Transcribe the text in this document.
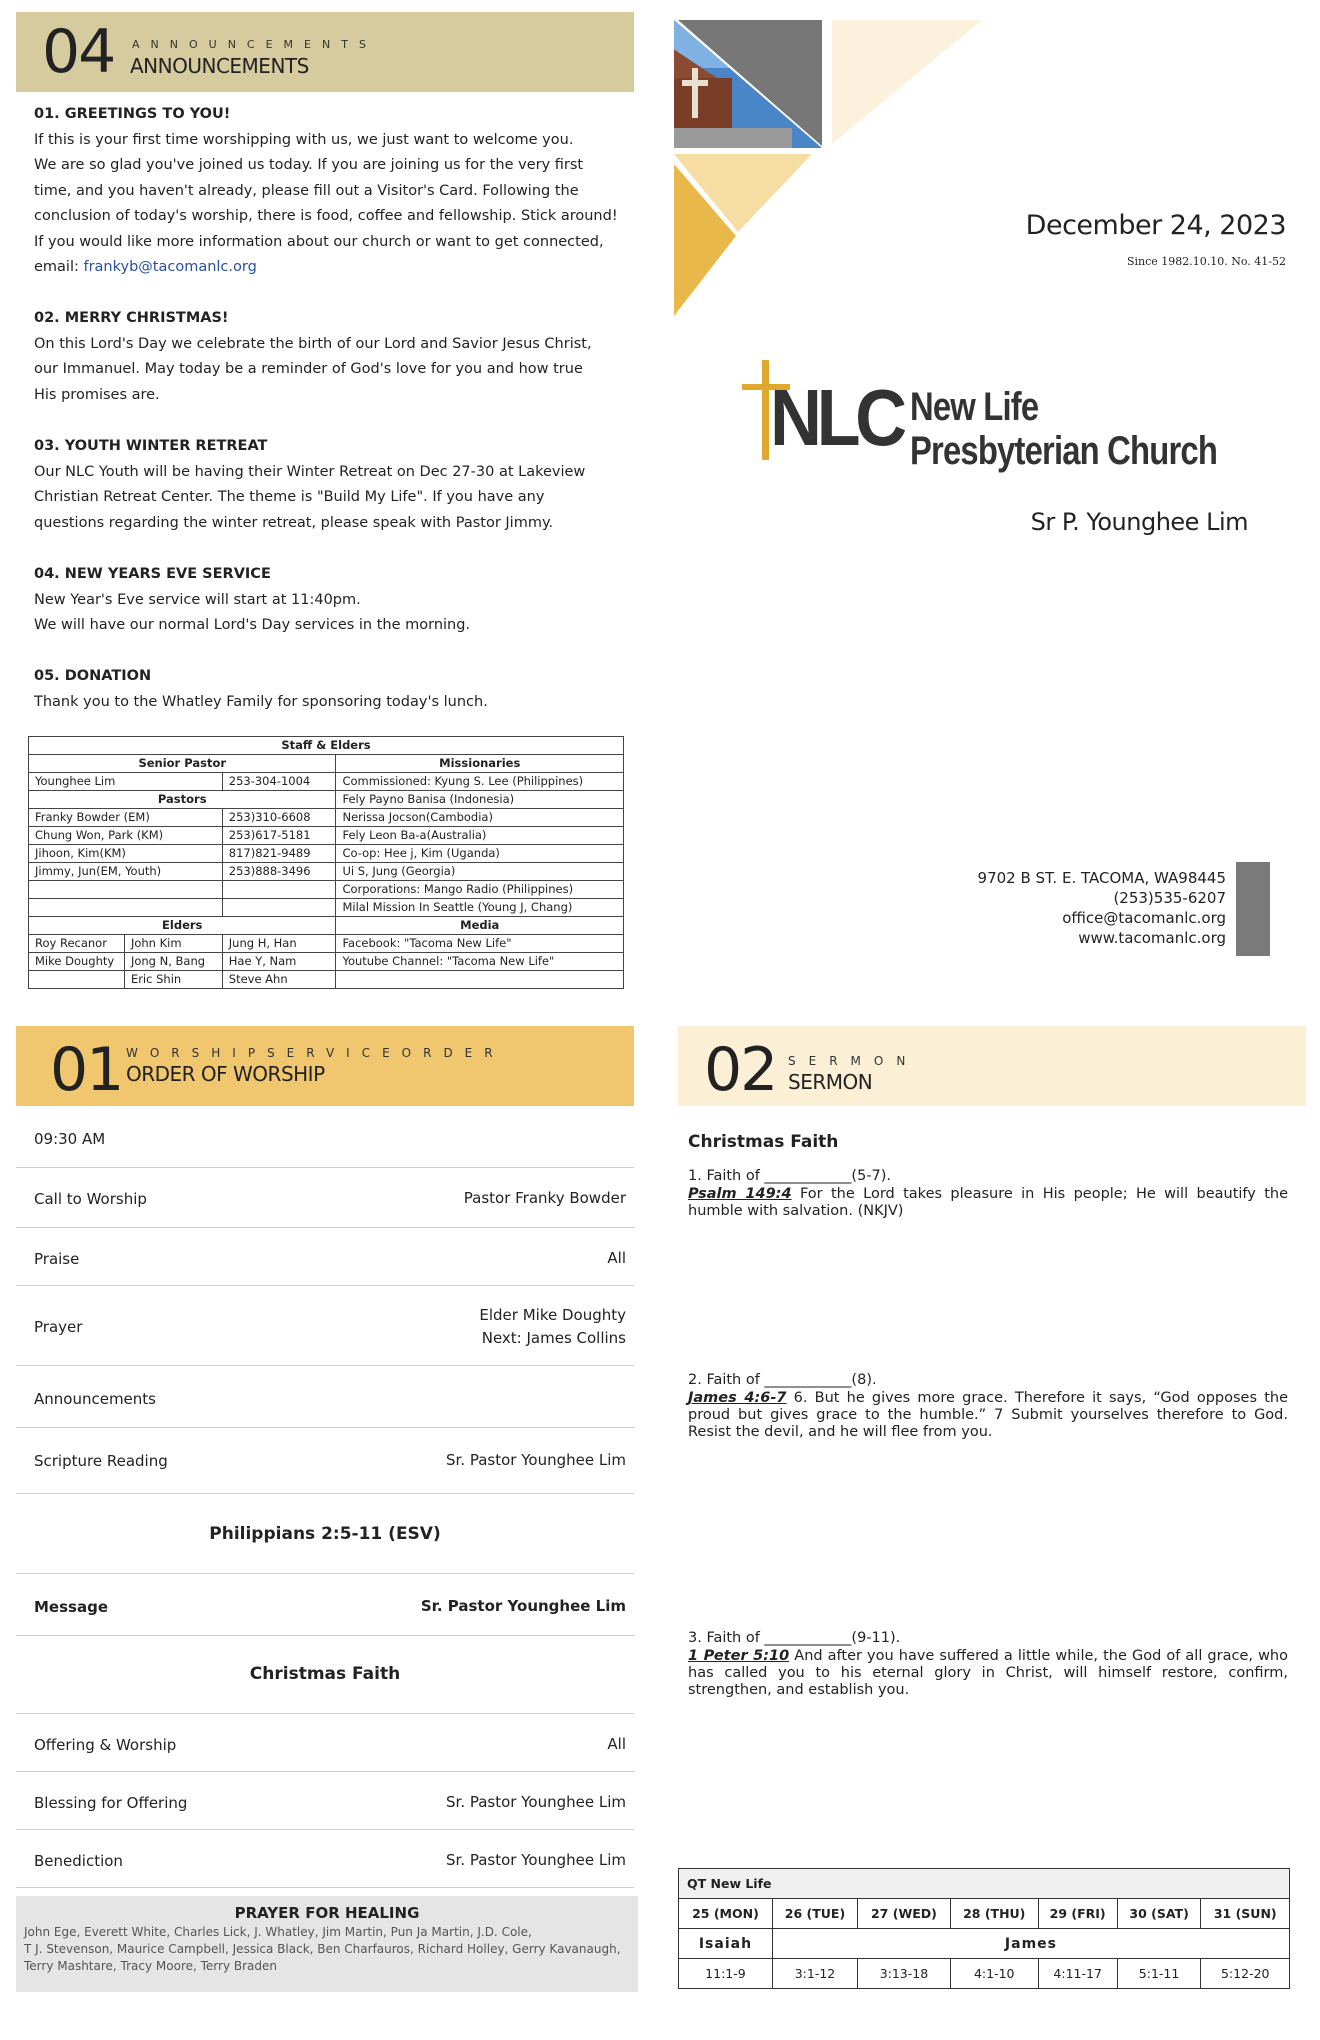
04 ANNOUNCEMENTS
ANNOUNCEMENTS
01. GREETINGS TO YOU!

If this is your first time worshipping with us, we just want to welcome you.

We are so glad you've joined us today. If you are joining us for the very first

time, and you haven't already, please fill out a Visitor's Card. Following the

conclusion of today's worship, there is food, coffee and fellowship. Stick around!

If you would like more information about our church or want to get connected,

email: frankyb@tacomanlc.org

02. MERRY CHRISTMAS!

On this Lord's Day we celebrate the birth of our Lord and Savior Jesus Christ,

our Immanuel. May today be a reminder of God's love for you and how true

His promises are.

03. YOUTH WINTER RETREAT

Our NLC Youth will be having their Winter Retreat on Dec 27-30 at Lakeview

Christian Retreat Center. The theme is "Build My Life". If you have any

questions regarding the winter retreat, please speak with Pastor Jimmy.

04. NEW YEARS EVE SERVICE

New Year's Eve service will start at 11:40pm.

We will have our normal Lord's Day services in the morning.

05. DONATION

Thank you to the Whatley Family for sponsoring today's lunch.

Staff & Elders			
Senior Pastor			Missionaries
Younghee Lim		253-304-1004	Commissioned: Kyung S. Lee (Philippines)
Pastors			Fely Payno Banisa (Indonesia)
Franky Bowder (EM)		253)310-6608	Nerissa Jocson(Cambodia)
Chung Won, Park (KM)		253)617-5181	Fely Leon Ba-a(Australia)
Jihoon, Kim(KM)		817)821-9489	Co-op: Hee j, Kim (Uganda)
Jimmy, Jun(EM, Youth)		253)888-3496	Ui S, Jung (Georgia)
			Corporations: Mango Radio (Philippines)
			Milal Mission In Seattle (Young J, Chang)
Elders			Media
Roy Recanor	John Kim	Jung H, Han	Facebook: "Tacoma New Life"
Mike Doughty	Jong N, Bang	Hae Y, Nam	Youtube Channel: "Tacoma New Life"
	Eric Shin	Steve Ahn	
December 24, 2023
Since 1982.10.10. No. 41-52
NLC New Life
Presbyterian Church
Sr P. Younghee Lim
9702 B ST. E. TACOMA, WA98445
(253)535-6207
office@tacomanlc.org
www.tacomanlc.org
01 WORSHIPSERVICEORDER
ORDER OF WORSHIP
09:30 AM
Call to Worship	Pastor Franky Bowder
Praise	All
Prayer
Elder Mike Doughty
Next: James Collins
Announcements
Scripture Reading	Sr. Pastor Younghee Lim
Philippians 2:5-11 (ESV)
Message	Sr. Pastor Younghee Lim
Christmas Faith
Offering & Worship	All
Blessing for Offering	Sr. Pastor Younghee Lim
Benediction	Sr. Pastor Younghee Lim
PRAYER FOR HEALING
John Ege, Everett White, Charles Lick, J. Whatley, Jim Martin, Pun Ja Martin, J.D. Cole,
T J. Stevenson, Maurice Campbell, Jessica Black, Ben Charfauros, Richard Holley, Gerry Kavanaugh,
Terry Mashtare, Tracy Moore, Terry Braden
02 SERMON
SERMON
Christmas Faith
1. Faith of ____________(5-7).
Psalm 149:4 For the Lord takes pleasure in His people; He will beautify the humble with salvation. (NKJV)
2. Faith of ____________(8).
James 4:6-7 6. But he gives more grace. Therefore it says, “God opposes the proud but gives grace to the humble.” 7 Submit yourselves therefore to God. Resist the devil, and he will flee from you.
3. Faith of ____________(9-11).
1 Peter 5:10 And after you have suffered a little while, the God of all grace, who has called you to his eternal glory in Christ, will himself restore, confirm, strengthen, and establish you.
QT New Life						
25 (MON)	26 (TUE)	27 (WED)	28 (THU)	29 (FRI)	30 (SAT)	31 (SUN)
Isaiah	James					
11:1-9	3:1-12	3:13-18	4:1-10	4:11-17	5:1-11	5:12-20
